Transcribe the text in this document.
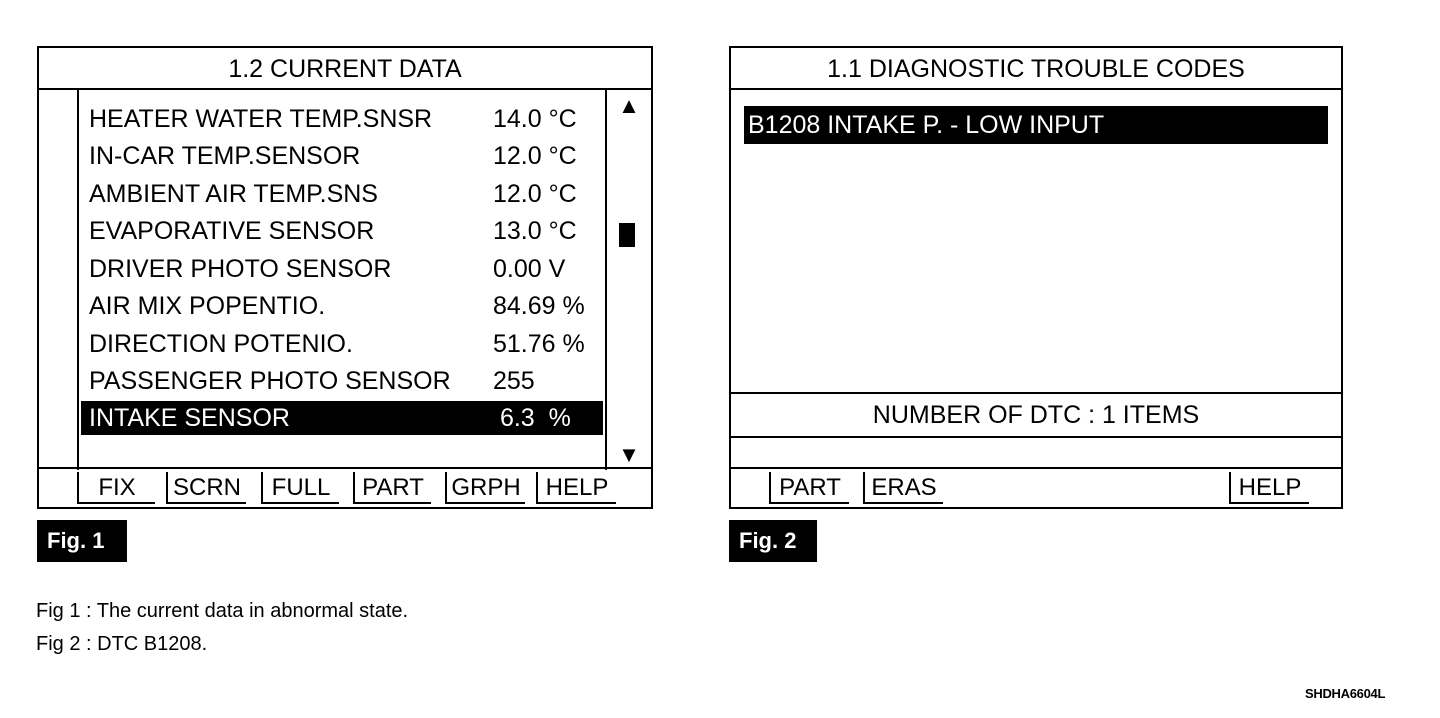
1.2 CURRENT DATA
HEATER WATER TEMP.SNSR 14.0 °C
IN-CAR TEMP.SENSOR	12.0 °C
AMBIENT AIR TEMP.SNS	12.0 °C
EVAPORATIVE SENSOR	13.0 °C
DRIVER PHOTO SENSOR	0.00 V
AIR MIX POPENTIO.	84.69 %
DIRECTION POTENIO.	51.76 %
PASSENGER PHOTO SENSOR 255
INTAKE SENSOR	6.3  %
▲
▼
FIX	SCRN	FULL	PART GRPH	HELP
Fig. 1
1.1 DIAGNOSTIC TROUBLE CODES
B1208 INTAKE P. - LOW INPUT
NUMBER OF DTC : 1 ITEMS
PART	ERAS	HELP
Fig. 2
Fig 1 : The current data in abnormal state.
Fig 2 : DTC B1208.
SHDHA6604L
